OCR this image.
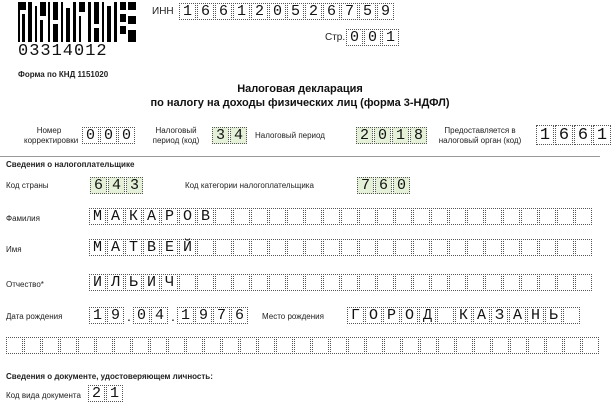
03314012
Форма по КНД 1151020
ИНН 1 6 6 1 2 0 5 2 6 7 5 9
Стр. 0 0 1
Налоговая декларация
по налогу на доходы физических лиц (форма 3-НДФЛ)
Номер корректировки 0 0 0	Налоговый период (код) 3 4	Налоговый период 2 0 1 8	Предоставляется в налоговый орган (код)	1 6 6 1
Сведения о налогоплательщике
Код страны	6 4 3	Код категории налогоплательщика	7 6 0
Фамилия	М А К А Р О В
Имя	М А Т В Е Й
Отчество*	И Л Ь И Ч
Дата рождения 1 9 . 0 4 . 1 9 7 6	Место рождения Г О Р О Д К А З А Н Ь
Сведения о документе, удостоверяющем личность:
Код вида документа 2 1
